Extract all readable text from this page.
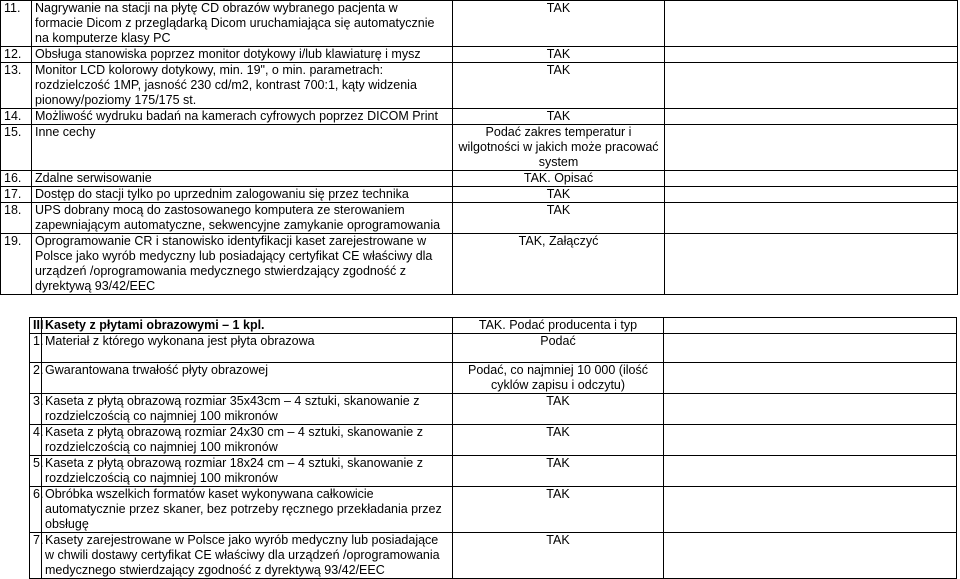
11.	Nagrywanie na stacji na płytę CD obrazów wybranego pacjenta w formacie Dicom z przeglądarką Dicom uruchamiająca się automatycznie na komputerze klasy PC	TAK	
12.	Obsługa stanowiska poprzez monitor dotykowy i/lub klawiaturę i mysz	TAK	
13.	Monitor LCD kolorowy dotykowy, min. 19", o min. parametrach: rozdzielczość 1MP, jasność 230 cd/m2, kontrast 700:1, kąty widzenia pionowy/poziomy 175/175 st.	TAK	
14.	Możliwość wydruku badań na kamerach cyfrowych poprzez DICOM Print	TAK	
15.	Inne cechy	Podać zakres temperatur i wilgotności w jakich może pracować system	
16.	Zdalne serwisowanie	TAK. Opisać	
17.	Dostęp do stacji tylko po uprzednim zalogowaniu się przez technika	TAK	
18.	UPS dobrany mocą do zastosowanego komputera ze sterowaniem zapewniającym automatyczne, sekwencyjne zamykanie oprogramowania	TAK	
19.	Oprogramowanie CR i stanowisko identyfikacji kaset zarejestrowane w Polsce jako wyrób medyczny lub posiadający certyfikat CE właściwy dla urządzeń /oprogramowania medycznego stwierdzający zgodność z dyrektywą 93/42/EEC	TAK, Załączyć	
III	Kasety z płytami obrazowymi – 1 kpl.	TAK. Podać producenta i typ	
1.	Materiał z którego wykonana jest płyta obrazowa	Podać	
2.	Gwarantowana trwałość płyty obrazowej	Podać, co najmniej 10 000 (ilość cyklów zapisu i odczytu)	
3.	Kaseta z płytą obrazową rozmiar 35x43cm – 4 sztuki, skanowanie z rozdzielczością co najmniej 100 mikronów	TAK	
4.	Kaseta z płytą obrazową rozmiar 24x30 cm – 4 sztuki, skanowanie z rozdzielczością co najmniej 100 mikronów	TAK	
5.	Kaseta z płytą obrazową rozmiar 18x24 cm – 4 sztuki, skanowanie z rozdzielczością co najmniej 100 mikronów	TAK	
6.	Obróbka wszelkich formatów kaset wykonywana całkowicie automatycznie przez skaner, bez potrzeby ręcznego przekładania przez obsługę	TAK	
7.	Kasety zarejestrowane w Polsce jako wyrób medyczny lub posiadające w chwili dostawy certyfikat CE właściwy dla urządzeń /oprogramowania medycznego stwierdzający zgodność z dyrektywą 93/42/EEC	TAK	
